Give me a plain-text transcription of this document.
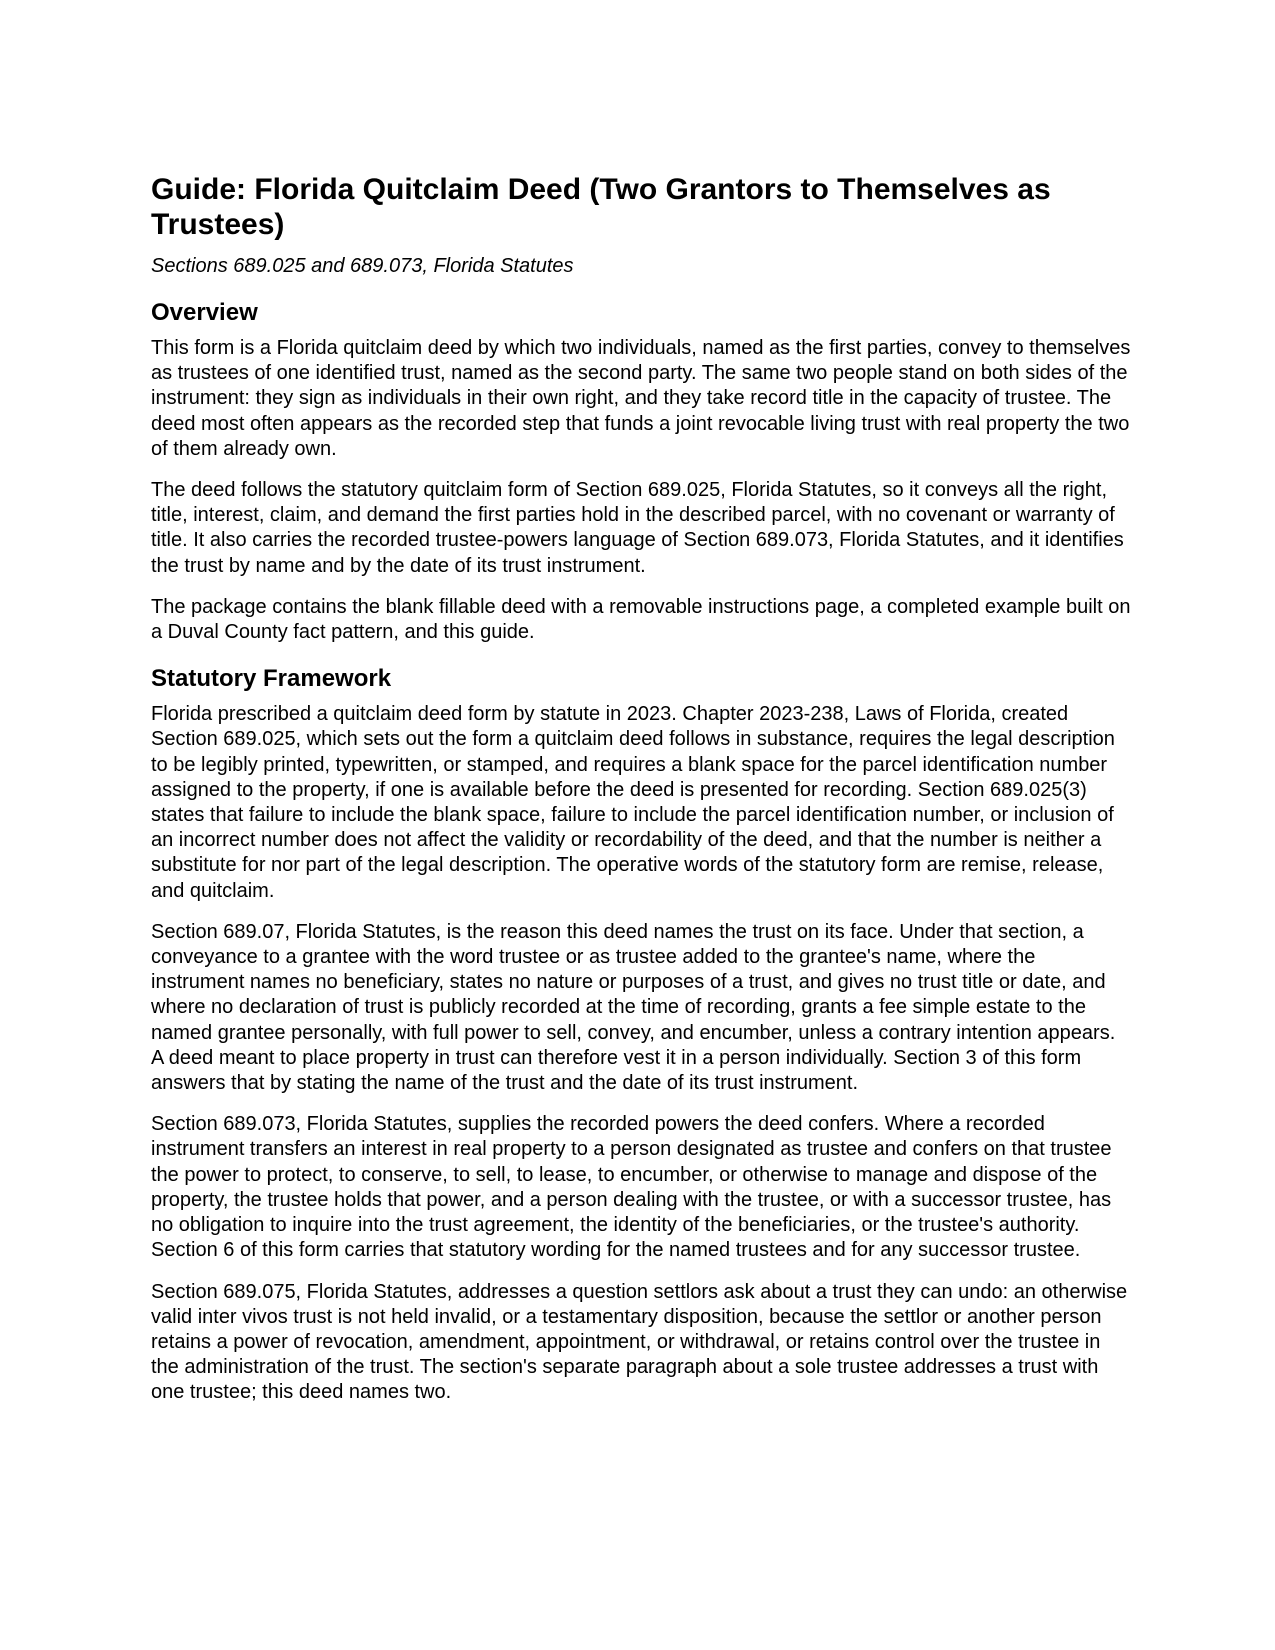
Guide: Florida Quitclaim Deed (Two Grantors to Themselves as Trustees)
Sections 689.025 and 689.073, Florida Statutes
Overview

This form is a Florida quitclaim deed by which two individuals, named as the first parties, convey to themselves as trustees of one identified trust, named as the second party. The same two people stand on both sides of the instrument: they sign as individuals in their own right, and they take record title in the capacity of trustee. The deed most often appears as the recorded step that funds a joint revocable living trust with real property the two of them already own.

The deed follows the statutory quitclaim form of Section 689.025, Florida Statutes, so it conveys all the right, title, interest, claim, and demand the first parties hold in the described parcel, with no covenant or warranty of title. It also carries the recorded trustee-powers language of Section 689.073, Florida Statutes, and it identifies the trust by name and by the date of its trust instrument.

The package contains the blank fillable deed with a removable instructions page, a completed example built on a Duval County fact pattern, and this guide.

Statutory Framework

Florida prescribed a quitclaim deed form by statute in 2023. Chapter 2023-238, Laws of Florida, created Section 689.025, which sets out the form a quitclaim deed follows in substance, requires the legal description to be legibly printed, typewritten, or stamped, and requires a blank space for the parcel identification number assigned to the property, if one is available before the deed is presented for recording. Section 689.025(3) states that failure to include the blank space, failure to include the parcel identification number, or inclusion of an incorrect number does not affect the validity or recordability of the deed, and that the number is neither a substitute for nor part of the legal description. The operative words of the statutory form are remise, release, and quitclaim.

Section 689.07, Florida Statutes, is the reason this deed names the trust on its face. Under that section, a conveyance to a grantee with the word trustee or as trustee added to the grantee's name, where the instrument names no beneficiary, states no nature or purposes of a trust, and gives no trust title or date, and where no declaration of trust is publicly recorded at the time of recording, grants a fee simple estate to the named grantee personally, with full power to sell, convey, and encumber, unless a contrary intention appears. A deed meant to place property in trust can therefore vest it in a person individually. Section 3 of this form answers that by stating the name of the trust and the date of its trust instrument.

Section 689.073, Florida Statutes, supplies the recorded powers the deed confers. Where a recorded instrument transfers an interest in real property to a person designated as trustee and confers on that trustee the power to protect, to conserve, to sell, to lease, to encumber, or otherwise to manage and dispose of the property, the trustee holds that power, and a person dealing with the trustee, or with a successor trustee, has no obligation to inquire into the trust agreement, the identity of the beneficiaries, or the trustee's authority. Section 6 of this form carries that statutory wording for the named trustees and for any successor trustee.

Section 689.075, Florida Statutes, addresses a question settlors ask about a trust they can undo: an otherwise valid inter vivos trust is not held invalid, or a testamentary disposition, because the settlor or another person retains a power of revocation, amendment, appointment, or withdrawal, or retains control over the trustee in the administration of the trust. The section's separate paragraph about a sole trustee addresses a trust with one trustee; this deed names two.
